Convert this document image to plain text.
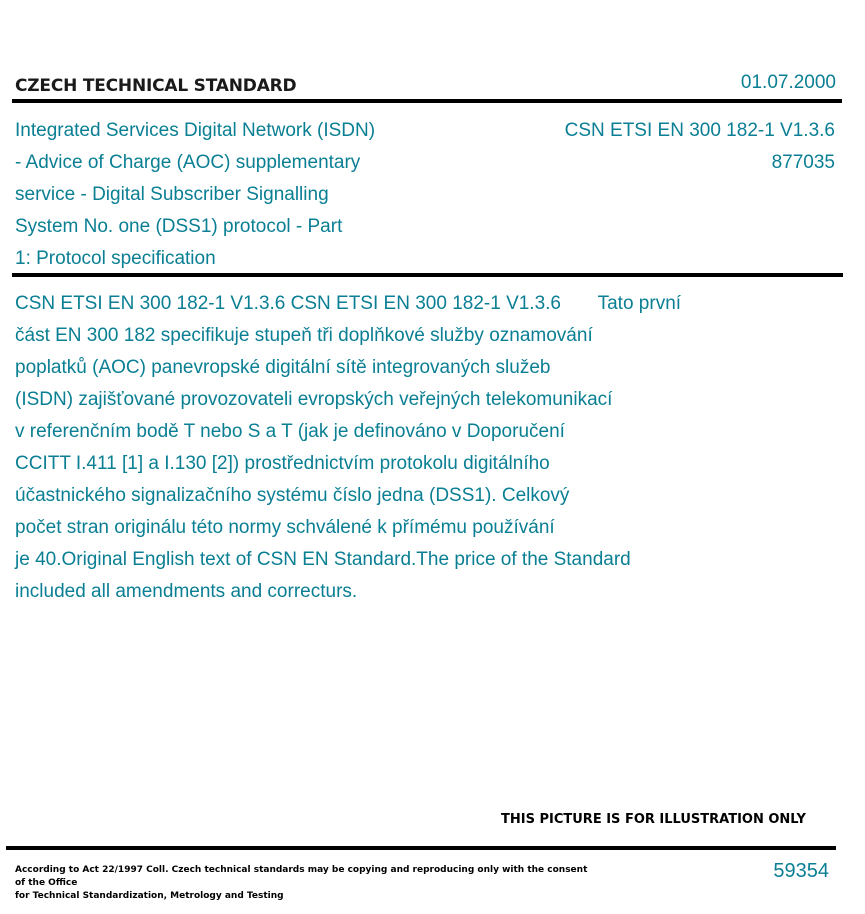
CZECH TECHNICAL STANDARD	01.07.2000
Integrated Services Digital Network (ISDN)
- Advice of Charge (AOC) supplementary
service - Digital Subscriber Signalling
System No. one (DSS1) protocol - Part
1: Protocol specification
CSN ETSI EN 300 182-1 V1.3.6
877035
CSN ETSI EN 300 182-1 V1.3.6 CSN ETSI EN 300 182-1 V1.3.6       Tato první
část EN 300 182 specifikuje stupeň tři doplňkové služby oznamování
poplatků (AOC) panevropské digitální sítě integrovaných služeb
(ISDN) zajišťované provozovateli evropských veřejných telekomunikací
v referenčním bodě T nebo S a T (jak je definováno v Doporučení
CCITT I.411 [1] a I.130 [2]) prostřednictvím protokolu digitálního
účastnického signalizačního systému číslo jedna (DSS1). Celkový
počet stran originálu této normy schválené k přímému používání
je 40.Original English text of CSN EN Standard.The price of the Standard
included all amendments and correcturs.
THIS PICTURE IS FOR ILLUSTRATION ONLY
According to Act 22/1997 Coll. Czech technical standards may be copying and reproducing only with the consent of the Office
for Technical Standardization, Metrology and Testing
59354
